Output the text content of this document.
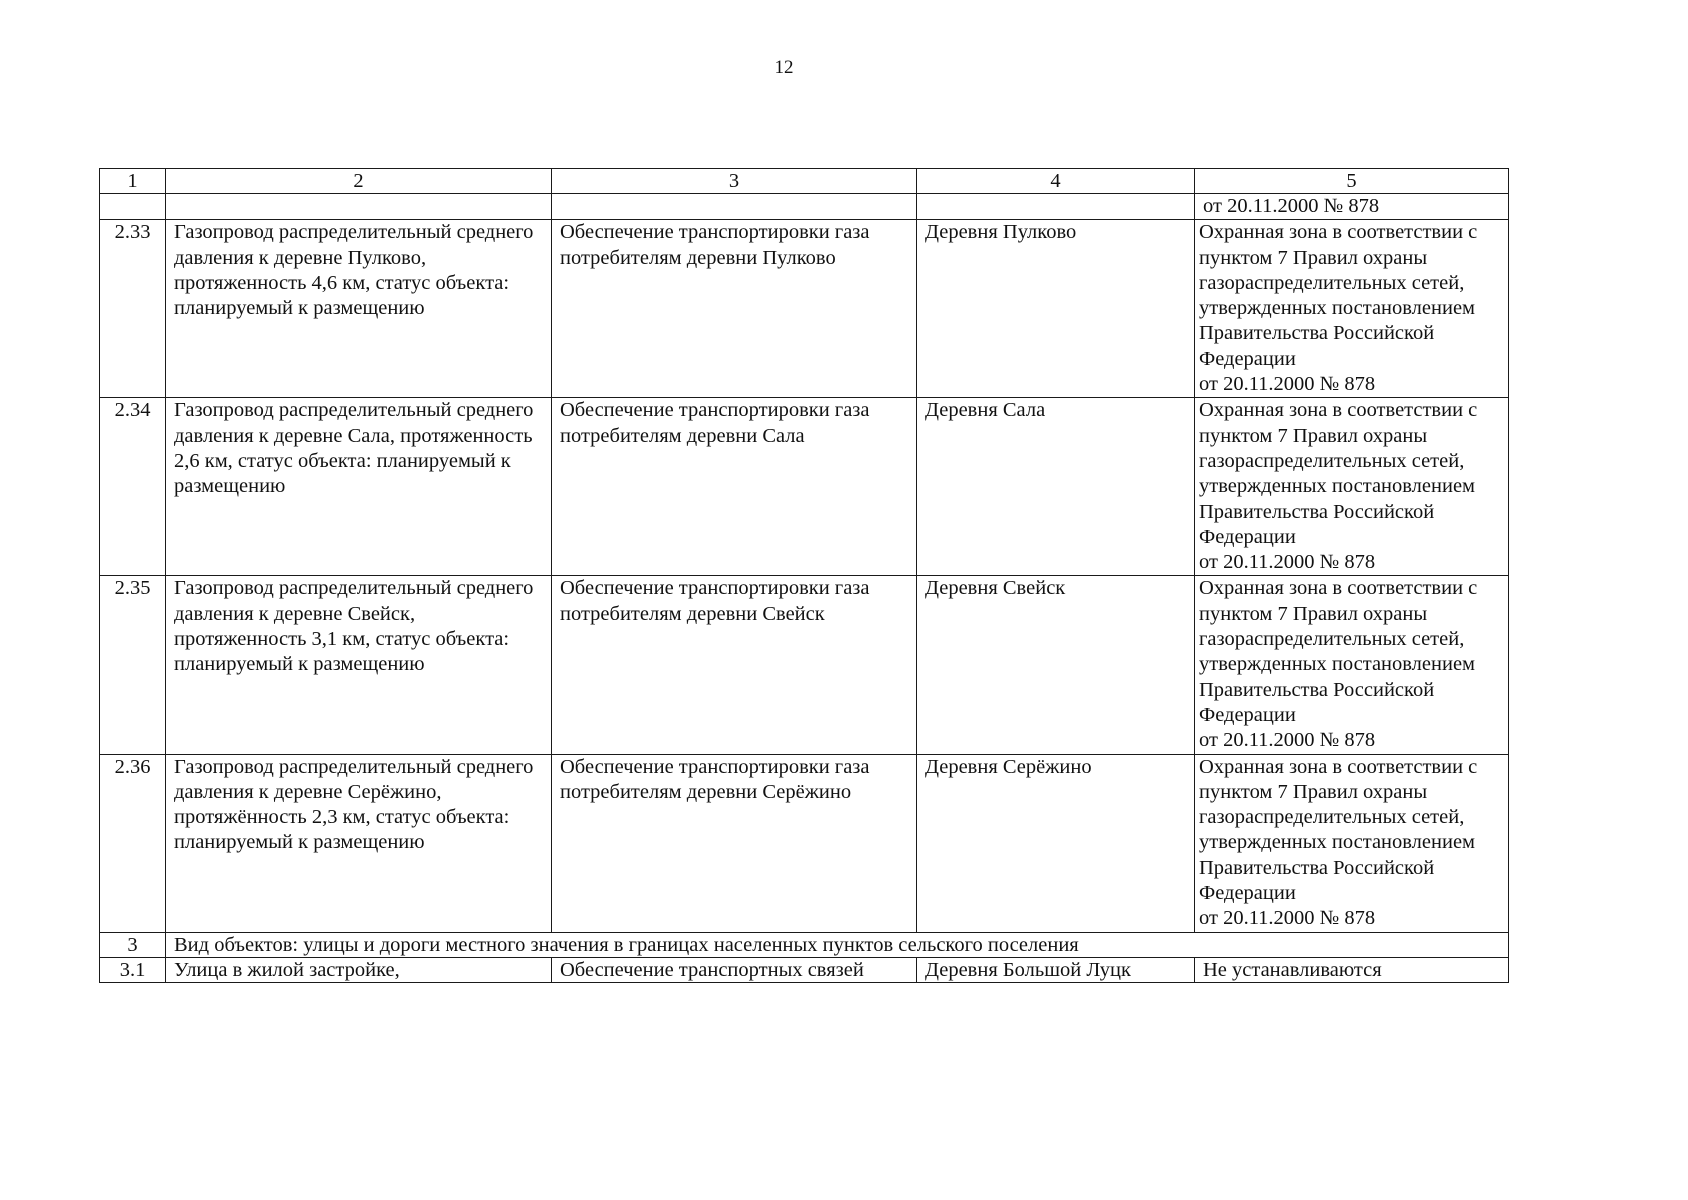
12
1	2	3	4	5
				от 20.11.2000 № 878
2.33	Газопровод распределительный среднего давления к деревне Пулково, протяженность 4,6 км, статус объекта: планируемый к размещению	Обеспечение транспортировки газа потребителям деревни Пулково	Деревня Пулково	Охранная зона в соответствии с пунктом 7 Правил охраны газораспределительных сетей, утвержденных постановлением Правительства Российской Федерации
от 20.11.2000 № 878

2.34	Газопровод распределительный среднего давления к деревне Сала, протяженность 2,6 км, статус объекта: планируемый к размещению	Обеспечение транспортировки газа потребителям деревни Сала	Деревня Сала	Охранная зона в соответствии с пунктом 7 Правил охраны газораспределительных сетей, утвержденных постановлением Правительства Российской Федерации
от 20.11.2000 № 878

2.35	Газопровод распределительный среднего давления к деревне Свейск, протяженность 3,1 км, статус объекта: планируемый к размещению	Обеспечение транспортировки газа потребителям деревни Свейск	Деревня Свейск	Охранная зона в соответствии с пунктом 7 Правил охраны газораспределительных сетей, утвержденных постановлением Правительства Российской Федерации
от 20.11.2000 № 878

2.36	Газопровод распределительный среднего давления к деревне Серёжино, протяжённость 2,3 км, статус объекта: планируемый к размещению	Обеспечение транспортировки газа потребителям деревни Серёжино	Деревня Серёжино	Охранная зона в соответствии с пунктом 7 Правил охраны газораспределительных сетей, утвержденных постановлением Правительства Российской Федерации
от 20.11.2000 № 878

3	Вид объектов: улицы и дороги местного значения в границах населенных пунктов сельского поселения			
3.1	Улица в жилой застройке,	Обеспечение транспортных связей	Деревня Большой Луцк	Не устанавливаются
